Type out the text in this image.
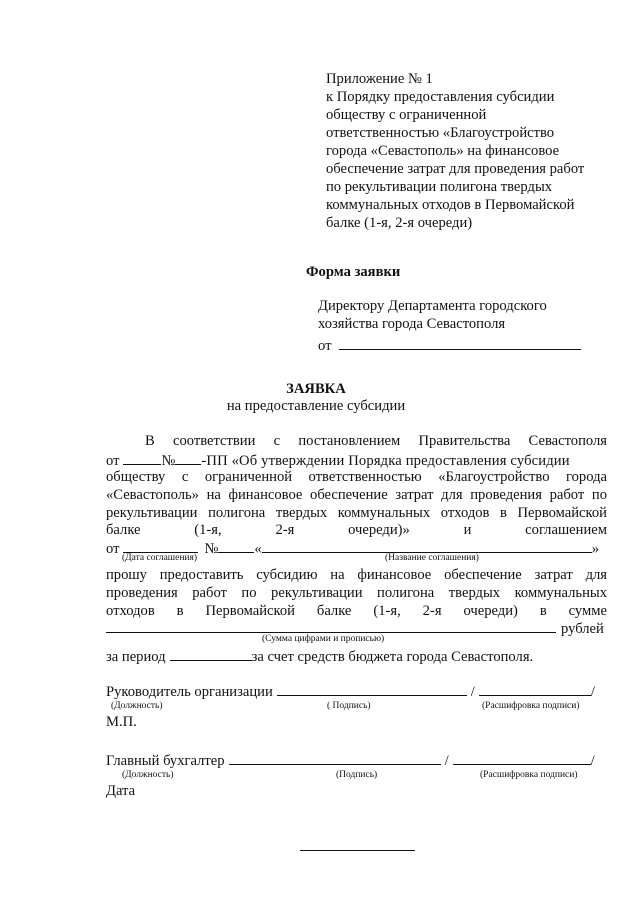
Приложение № 1
к Порядку предоставления субсидии
обществу с ограниченной
ответственностью «Благоустройство
города «Севастополь» на финансовое
обеспечение затрат для проведения работ
по рекультивации полигона твердых
коммунальных отходов в Первомайской
балке (1-я, 2-я очереди)
Форма заявки
Директору Департамента городского
хозяйства города Севастополя
от
ЗАЯВКА
на предоставление субсидии
В соответствии с постановлением Правительства Севастополя
от	№ -ПП «Об утверждении Порядка предоставления субсидии
обществу с ограниченной ответственностью «Благоустройство города
«Севастополь» на финансовое обеспечение затрат для проведения работ по
рекультивации полигона твердых коммунальных отходов в Первомайской
балке (1-я, 2-я очереди)» и соглашением
от	№ «	»
(Дата соглашения)	(Название соглашения)
прошу предоставить субсидию на финансовое обеспечение затрат для
проведения работ по рекультивации полигона твердых коммунальных
отходов в Первомайской балке (1-я, 2-я очереди) в сумме
рублей
(Сумма цифрами и прописью)
за период	за счет средств бюджета города Севастополя.
Руководитель организации	/	/
(Должность)	( Подпись)	(Расшифровка подписи)
М.П.
Главный бухгалтер	/	/
(Должность)	(Подпись)	(Расшифровка подписи)
Дата
